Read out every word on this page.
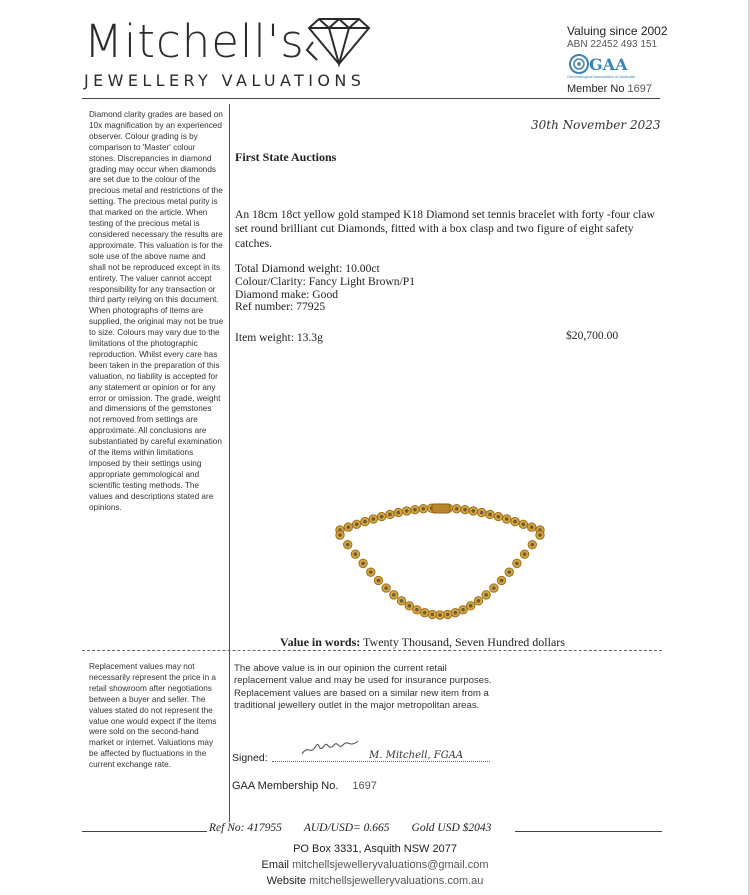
Mitchell's
JEWELLERY VALUATIONS
Valuing since 2002
ABN 22452 493 151
GAA
Gemmological Association of Australia
Member No 1697
Diamond clarity grades are based on 10x magnification by an experienced observer. Colour grading is by comparison to 'Master' colour stones. Discrepancies in diamond grading may occur when diamonds are set due to the colour of the precious metal and restrictions of the setting. The precious metal purity is that marked on the article. When testing of the precious metal is considered necessary the results are approximate. This valuation is for the sole use of the above name and shall not be reproduced except in its entirety. The valuer cannot accept responsibility for any transaction or third party relying on this document. When photographs of items are supplied, the original may not be true to size. Colours may vary due to the limitations of the photographic reproduction. Whilst every care has been taken in the preparation of this valuation, no liability is accepted for any statement or opinion or for any error or omission. The grade, weight and dimensions of the gemstones not removed from settings are approximate. All conclusions are substantiated by careful examination of the items within limitations imposed by their settings using appropriate gemmological and scientific testing methods. The values and descriptions stated are opinions.
30th November 2023
First State Auctions
An 18cm 18ct yellow gold stamped K18 Diamond set tennis bracelet with forty -four claw set round brilliant cut Diamonds, fitted with a box clasp and two figure of eight safety catches.
Total Diamond weight: 10.00ct
Colour/Clarity: Fancy Light Brown/P1
Diamond make: Good
Ref number: 77925
Item weight: 13.3g	$20,700.00
Value in words: Twenty Thousand, Seven Hundred dollars
Replacement values may not necessarily represent the price in a retail showroom after negotiations between a buyer and seller. The values stated do not represent the value one would expect if the items were sold on the second-hand market or internet. Valuations may be affected by fluctuations in the current exchange rate.
The above value is in our opinion the current retail replacement value and may be used for insurance purposes. Replacement values are based on a similar new item from a traditional jewellery outlet in the major metropolitan areas.
Signed:	M. Mitchell, FGAA
GAA Membership No. 1697
Ref No: 417955 AUD/USD= 0.665 Gold USD $2043
PO Box 3331, Asquith NSW 2077
Email mitchellsjewelleryvaluations@gmail.com
Website mitchellsjewelleryvaluations.com.au
